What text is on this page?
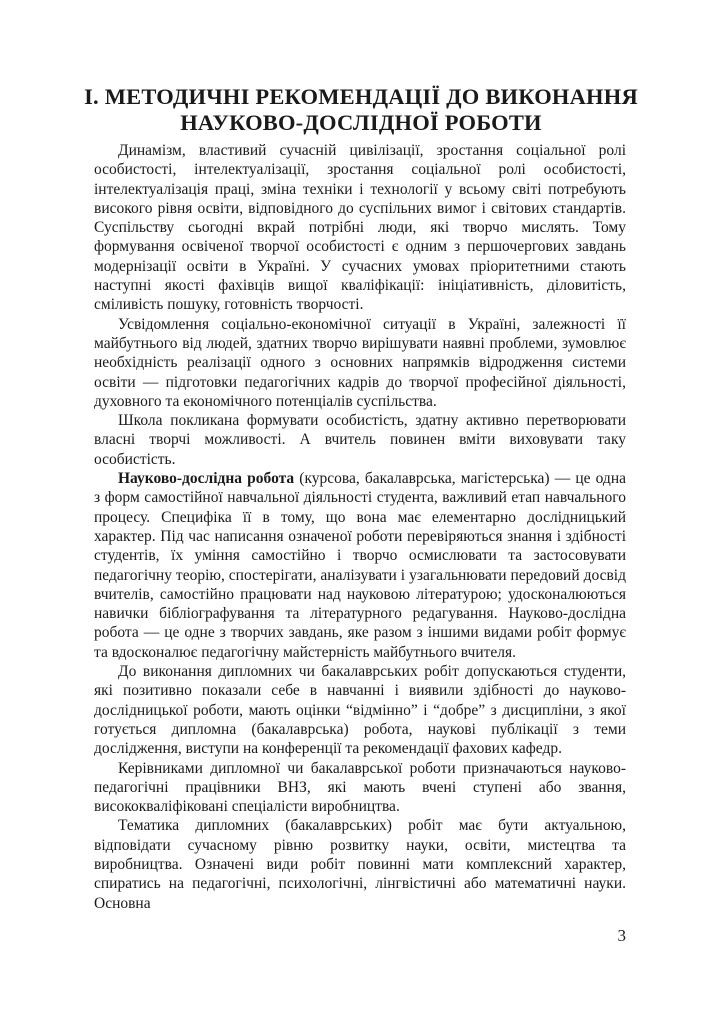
I. МЕТОДИЧНІ РЕКОМЕНДАЦІЇ ДО ВИКОНАННЯ
НАУКОВО-ДОСЛІДНОЇ РОБОТИ

Динамізм, властивий сучасній цивілізації, зростання соціальної ролі особистості, інтелектуалізації, зростання соціальної ролі особистості, інтелектуалізація праці, зміна техніки і технології у всьому світі потребують високого рівня освіти, відповідного до суспільних вимог і світових стандартів. Суспільству сьогодні вкрай потрібні люди, які творчо мислять. Тому формування освіченої творчої особистості є одним з першочергових завдань модернізації освіти в Україні. У сучасних умовах пріоритетними стають наступні якості фахівців вищої кваліфікації: ініціативність, діловитість, сміливість пошуку, готовність творчості.

Усвідомлення соціально-економічної ситуації в Україні, залежності її майбутнього від людей, здатних творчо вирішувати наявні проблеми, зумовлює необхідність реалізації одного з основних напрямків відродження системи освіти — підготовки педагогічних кадрів до творчої професійної діяльності, духовного та економічного потенціалів суспільства.

Школа покликана формувати особистість, здатну активно перетворювати власні творчі можливості. А вчитель повинен вміти виховувати таку особистість.

Науково-дослідна робота (курсова, бакалаврська, магістерська) — це одна з форм самостійної навчальної діяльності студента, важливий етап навчального процесу. Специфіка її в тому, що вона має елементарно дослідницький характер. Під час написання означеної роботи перевіряються знання і здібності студентів, їх уміння самостійно і творчо осмислювати та застосовувати педагогічну теорію, спостерігати, аналізувати і узагальнювати передовий досвід вчителів, самостійно працювати над науковою літературою; удосконалюються навички бібліографування та літературного редагування. Науково-дослідна робота — це одне з творчих завдань, яке разом з іншими видами робіт формує та вдосконалює педагогічну майстерність майбутнього вчителя.

До виконання дипломних чи бакалаврських робіт допускаються студенти, які позитивно показали себе в навчанні і виявили здібності до науково-дослідницької роботи, мають оцінки “відмінно” і “добре” з дисципліни, з якої готується дипломна (бакалаврська) робота, наукові публікації з теми дослідження, виступи на конференції та рекомендації фахових кафедр.

Керівниками дипломної чи бакалаврської роботи призначаються науково-педагогічні працівники ВНЗ, які мають вчені ступені або звання, висококваліфіковані спеціалісти виробництва.

Тематика дипломних (бакалаврських) робіт має бути актуальною, відповідати сучасному рівню розвитку науки, освіти, мистецтва та виробництва. Означені види робіт повинні мати комплексний характер, спиратись на педагогічні, психологічні, лінгвістичні або математичні науки. Основна

3
